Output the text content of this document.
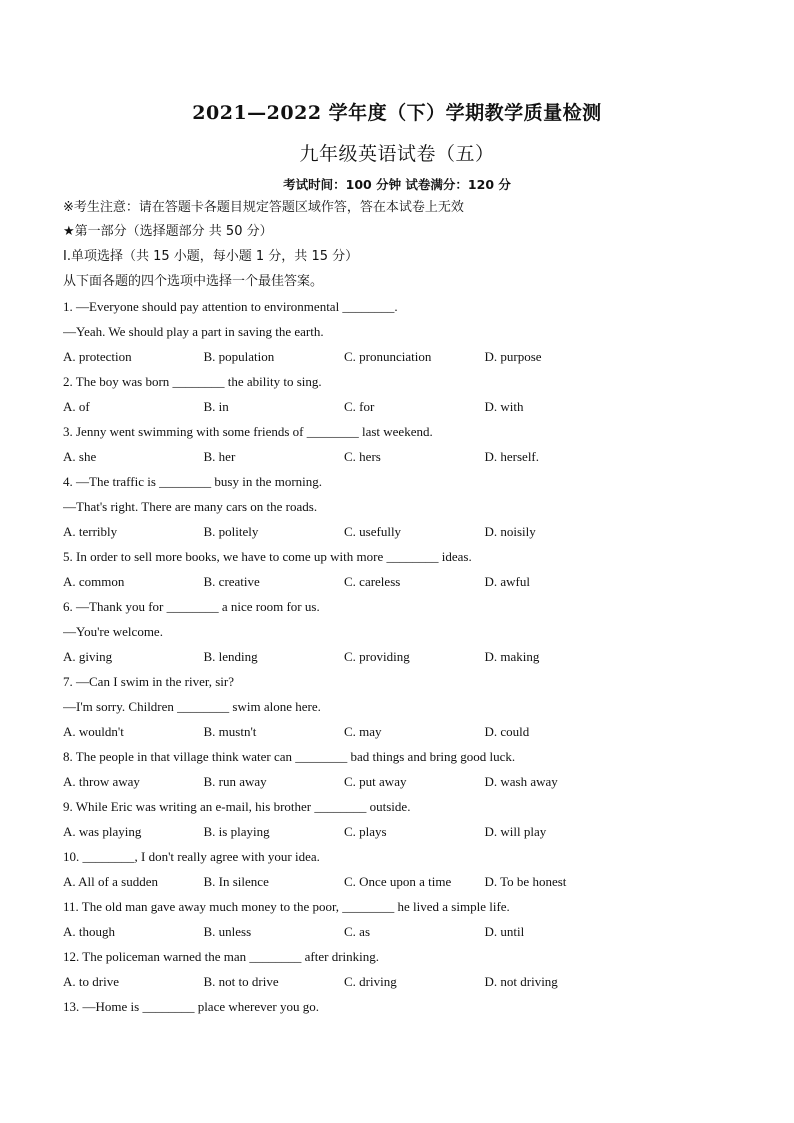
2021—2022 学年度（下）学期教学质量检测
九年级英语试卷（五）
考试时间：100 分钟 试卷满分：120 分
※考生注意：请在答题卡各题目规定答题区域作答，答在本试卷上无效
★第一部分（选择题部分 共 50 分）
Ⅰ.单项选择（共 15 小题，每小题 1 分，共 15 分）
从下面各题的四个选项中选择一个最佳答案。
1. —Everyone should pay attention to environmental ________.
—Yeah. We should play a part in saving the earth.
A. protection	B. population	C. pronunciation	D. purpose
2. The boy was born ________ the ability to sing.
A. of	B. in	C. for	D. with
3. Jenny went swimming with some friends of ________ last weekend.
A. she	B. her	C. hers	D. herself.
4. —The traffic is ________ busy in the morning.
—That's right. There are many cars on the roads.
A. terribly	B. politely	C. usefully	D. noisily
5. In order to sell more books, we have to come up with more ________ ideas.
A. common	B. creative	C. careless	D. awful
6. —Thank you for ________ a nice room for us.
—You're welcome.
A. giving	B. lending	C. providing	D. making
7. —Can I swim in the river, sir?
—I'm sorry. Children ________ swim alone here.
A. wouldn't	B. mustn't	C. may	D. could
8. The people in that village think water can ________ bad things and bring good luck.
A. throw away	B. run away	C. put away	D. wash away
9. While Eric was writing an e-mail, his brother ________ outside.
A. was playing	B. is playing	C. plays	D. will play
10. ________, I don't really agree with your idea.
A. All of a sudden	B. In silence	C. Once upon a time	D. To be honest
11. The old man gave away much money to the poor, ________ he lived a simple life.
A. though	B. unless	C. as	D. until
12. The policeman warned the man ________ after drinking.
A. to drive	B. not to drive	C. driving	D. not driving
13. —Home is ________ place wherever you go.
